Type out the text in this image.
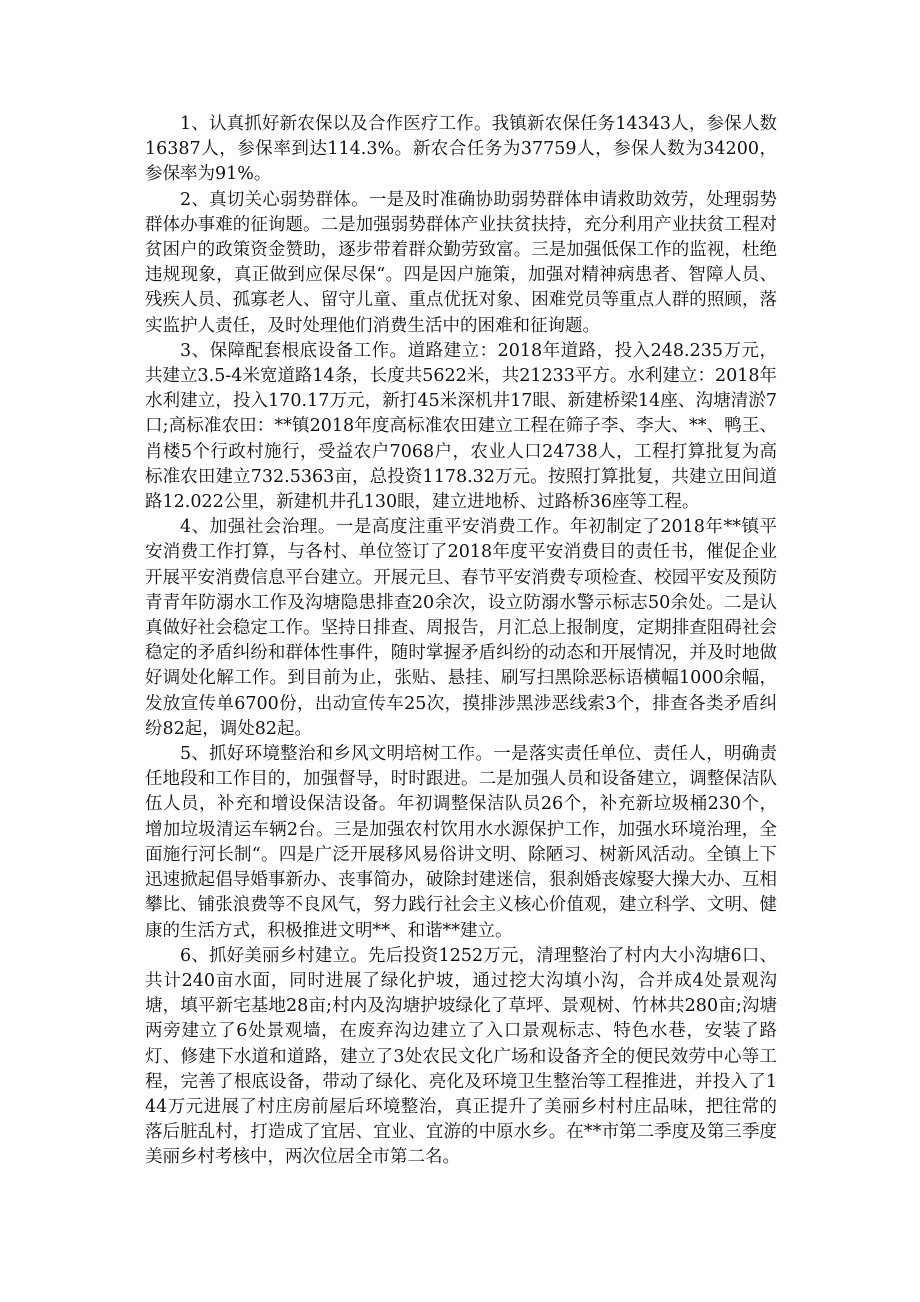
1、认真抓好新农保以及合作医疗工作。我镇新农保任务14343人，参保人数16387人，参保率到达114.3%。新农合任务为37759人，参保人数为34200，参保率为91%。

2、真切关心弱势群体。一是及时准确协助弱势群体申请救助效劳，处理弱势群体办事难的征询题。二是加强弱势群体产业扶贫扶持，充分利用产业扶贫工程对贫困户的政策资金赞助，逐步带着群众勤劳致富。三是加强低保工作的监视，杜绝违规现象，真正做到应保尽保“。四是因户施策，加强对精神病患者、智障人员、残疾人员、孤寡老人、留守儿童、重点优抚对象、困难党员等重点人群的照顾，落实监护人责任，及时处理他们消费生活中的困难和征询题。

3、保障配套根底设备工作。道路建立：2018年道路，投入248.235万元，共建立3.5-4米宽道路14条，长度共5622米，共21233平方。水利建立：2018年水利建立，投入170.17万元，新打45米深机井17眼、新建桥梁14座、沟塘清淤7口;高标准农田：**镇2018年度高标准农田建立工程在筛子李、李大、**、鸭王、肖楼5个行政村施行，受益农户7068户，农业人口24738人，工程打算批复为高标准农田建立732.5363亩，总投资1178.32万元。按照打算批复，共建立田间道路12.022公里，新建机井孔130眼，建立进地桥、过路桥36座等工程。

4、加强社会治理。一是高度注重平安消费工作。年初制定了2018年**镇平安消费工作打算，与各村、单位签订了2018年度平安消费目的责任书，催促企业开展平安消费信息平台建立。开展元旦、春节平安消费专项检查、校园平安及预防青青年防溺水工作及沟塘隐患排查20余次，设立防溺水警示标志50余处。二是认真做好社会稳定工作。坚持日排查、周报告，月汇总上报制度，定期排查阻碍社会稳定的矛盾纠纷和群体性事件，随时掌握矛盾纠纷的动态和开展情况，并及时地做好调处化解工作。到目前为止，张贴、悬挂、刷写扫黑除恶标语横幅1000余幅，发放宣传单6700份，出动宣传车25次，摸排涉黑涉恶线索3个，排查各类矛盾纠纷82起，调处82起。

5、抓好环境整治和乡风文明培树工作。一是落实责任单位、责任人，明确责任地段和工作目的，加强督导，时时跟进。二是加强人员和设备建立，调整保洁队伍人员，补充和增设保洁设备。年初调整保洁队员26个，补充新垃圾桶230个，增加垃圾清运车辆2台。三是加强农村饮用水水源保护工作，加强水环境治理，全面施行河长制“。四是广泛开展移风易俗讲文明、除陋习、树新风活动。全镇上下迅速掀起倡导婚事新办、丧事简办，破除封建迷信，狠刹婚丧嫁娶大操大办、互相攀比、铺张浪费等不良风气，努力践行社会主义核心价值观，建立科学、文明、健康的生活方式，积极推进文明**、和谐**建立。

6、抓好美丽乡村建立。先后投资1252万元，清理整治了村内大小沟塘6口、共计240亩水面，同时进展了绿化护坡，通过挖大沟填小沟，合并成4处景观沟塘，填平新宅基地28亩;村内及沟塘护坡绿化了草坪、景观树、竹林共280亩;沟塘两旁建立了6处景观墙，在废弃沟边建立了入口景观标志、特色水巷，安装了路灯、修建下水道和道路，建立了3处农民文化广场和设备齐全的便民效劳中心等工程，完善了根底设备，带动了绿化、亮化及环境卫生整治等工程推进，并投入了144万元进展了村庄房前屋后环境整治，真正提升了美丽乡村村庄品味，把往常的落后脏乱村，打造成了宜居、宜业、宜游的中原水乡。在**市第二季度及第三季度美丽乡村考核中，两次位居全市第二名。
